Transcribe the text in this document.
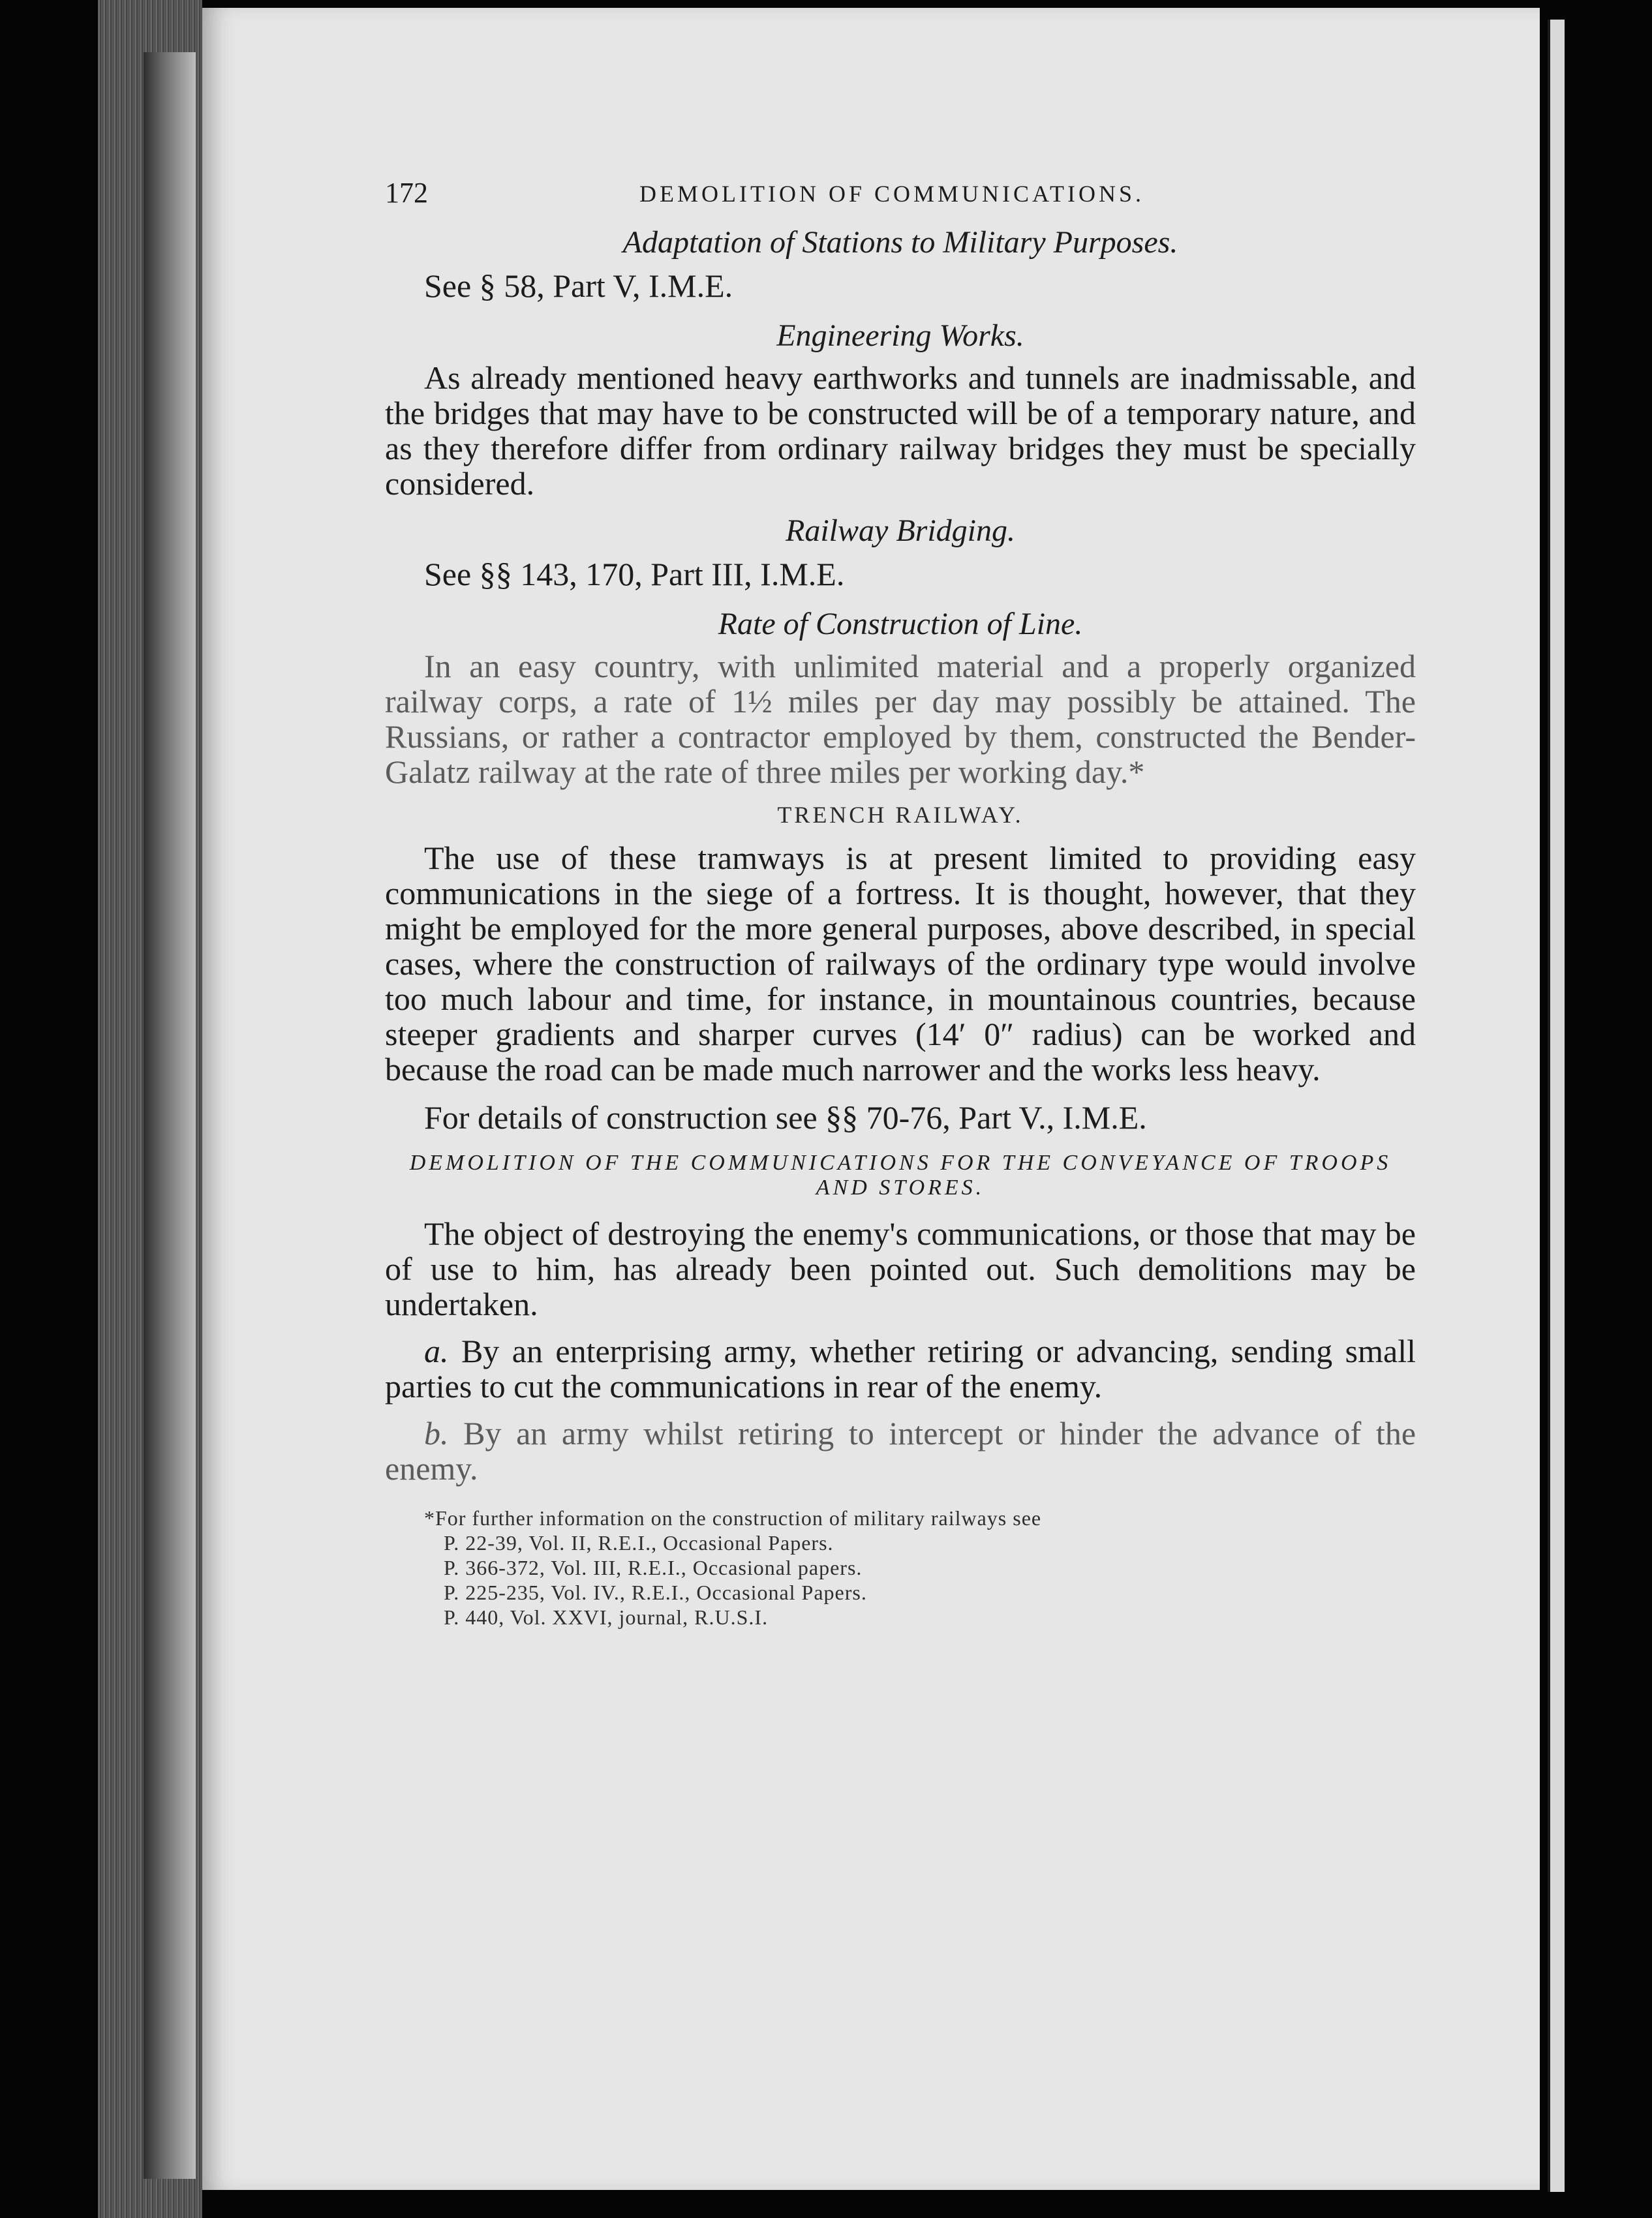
172	DEMOLITION OF COMMUNICATIONS.
Adaptation of Stations to Military Purposes.
See § 58, Part V, I.M.E.
Engineering Works.

As already mentioned heavy earthworks and tunnels are inadmissable, and the bridges that may have to be constructed will be of a temporary nature, and as they therefore differ from ordinary railway bridges they must be specially considered.

Railway Bridging.
See §§ 143, 170, Part III, I.M.E.
Rate of Construction of Line.

In an easy country, with unlimited material and a properly organized railway corps, a rate of 1½ miles per day may possibly be attained. The Russians, or rather a contractor employed by them, constructed the Bender-Galatz railway at the rate of three miles per working day.*

TRENCH RAILWAY.

The use of these tramways is at present limited to providing easy communications in the siege of a fortress. It is thought, however, that they might be employed for the more general purposes, above described, in special cases, where the construction of railways of the ordinary type would involve too much labour and time, for instance, in mountainous countries, because steeper gradients and sharper curves (14′ 0″ radius) can be worked and because the road can be made much narrower and the works less heavy.

For details of construction see §§ 70-76, Part V., I.M.E.
DEMOLITION OF THE COMMUNICATIONS FOR THE CONVEYANCE OF TROOPS AND STORES.

The object of destroying the enemy's communications, or those that may be of use to him, has already been pointed out. Such demolitions may be undertaken.

a. By an enterprising army, whether retiring or advancing, sending small parties to cut the communications in rear of the enemy.

b. By an army whilst retiring to intercept or hinder the advance of the enemy.

*For further information on the construction of military railways see
P. 22-39, Vol. II, R.E.I., Occasional Papers.
P. 366-372, Vol. III, R.E.I., Occasional papers.
P. 225-235, Vol. IV., R.E.I., Occasional Papers.
P. 440, Vol. XXVI, journal, R.U.S.I.
